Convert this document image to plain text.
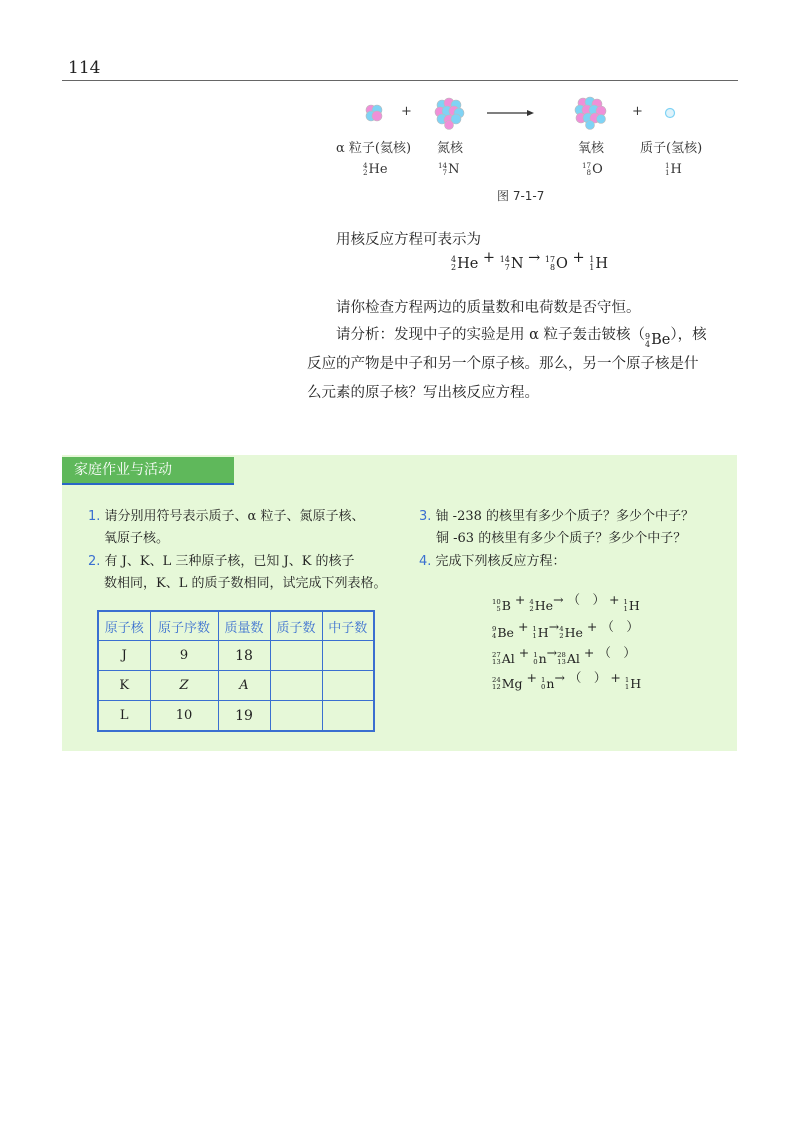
114
+	+
α 粒子(氦核) 氮核	氧核	质子(氢核)
4
2 He	14
7 N	17
8 O	1
1 H
图 7-1-7
用核反应方程可表示为
4
2 He + 14
7 N → 17
8 O + 1
1 H
请你检查方程两边的质量数和电荷数是否守恒。
请分析：发现中子的实验是用 α 粒子轰击铍核（ 9
4 Be ），核
反应的产物是中子和另一个原子核。那么，另一个原子核是什
么元素的原子核？写出核反应方程。
家庭作业与活动
1. 请分别用符号表示质子、α 粒子、氮原子核、
氧原子核。
2. 有 J、K、L 三种原子核，已知 J、K 的核子
数相同，K、L 的质子数相同，试完成下列表格。
原子核	原子序数	质量数	质子数	中子数
J	9	18		
K	Z	A		
L	10	19		
3. 铀 -238 的核里有多少个质子？多少个中子？
铜 -63 的核里有多少个质子？多少个中子？
4. 完成下列核反应方程：
10
5 B + 4
2 He → （　） + 1
1 H
9
4 Be + 1
1 H → 4
2 He + （　）
27
13 Al + 1
0 n → 28
13 Al + （　）
24
12 Mg + 1
0 n → （　） + 1
1 H
